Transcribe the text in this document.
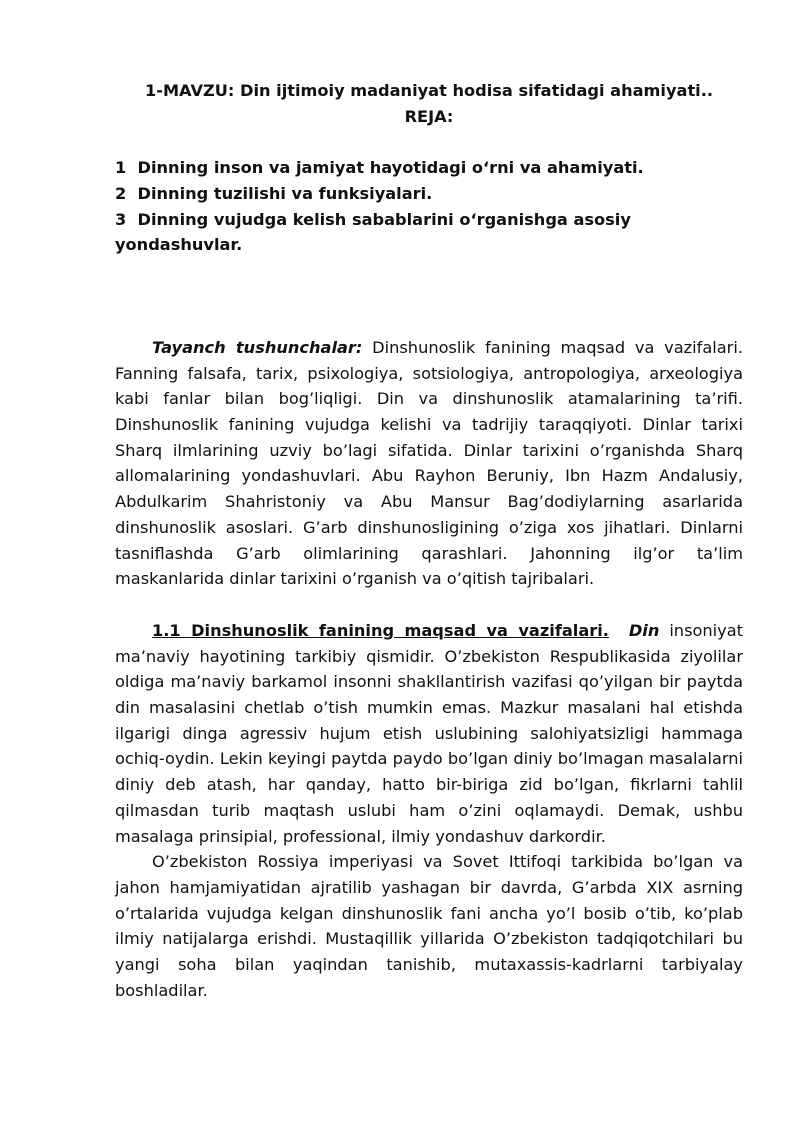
1-MAVZU: Din ijtimoiy madaniyat hodisa sifatidagi ahamiyati..

REJA:

1 Dinning inson va jamiyat hayotidagi o‘rni va ahamiyati.

2 Dinning tuzilishi va funksiyalari.

3 Dinning vujudga kelish sabablarini o‘rganishga asosiy yondashuvlar.

Tayanch tushunchalar: Dinshunoslik fanining maqsad va vazifalari. Fanning falsafa, tarix, psixologiya, sotsiologiya, antropologiya, arxeologiya kabi fanlar bilan bog’liqligi. Din va dinshunoslik atamalarining ta’rifi. Dinshunoslik fanining vujudga kelishi va tadrijiy taraqqiyoti. Dinlar tarixi Sharq ilmlarining uzviy bo’lagi sifatida. Dinlar tarixini o’rganishda Sharq allomalarining yondashuvlari. Abu Rayhon Beruniy, Ibn Hazm Andalusiy, Abdulkarim Shahristoniy va Abu Mansur Bag’dodiylarning asarlarida dinshunoslik asoslari. G’arb dinshunosligining o’ziga xos jihatlari. Dinlarni tasniflashda G’arb olimlarining qarashlari. Jahonning ilg’or ta’lim maskanlarida dinlar tarixini o’rganish va o’qitish tajribalari.

1.1 Dinshunoslik fanining maqsad va vazifalari. Din insoniyat ma’naviy hayotining tarkibiy qismidir. O’zbekiston Respublikasida ziyolilar oldiga ma’naviy barkamol insonni shakllantirish vazifasi qo’yilgan bir paytda din masalasini chetlab o’tish mumkin emas. Mazkur masalani hal etishda ilgarigi dinga agressiv hujum etish uslubining salohiyatsizligi hammaga ochiq-oydin. Lekin keyingi paytda paydo bo’lgan diniy bo’lmagan masalalarni diniy deb atash, har qanday, hatto bir-biriga zid bo’lgan, fikrlarni tahlil qilmasdan turib maqtash uslubi ham o’zini oqlamaydi. Demak, ushbu masalaga prinsipial, professional, ilmiy yondashuv darkordir.

O’zbekiston Rossiya imperiyasi va Sovet Ittifoqi tarkibida bo’lgan va jahon hamjamiyatidan ajratilib yashagan bir davrda, G’arbda XIX asrning o’rtalarida vujudga kelgan dinshunoslik fani ancha yo’l bosib o’tib, ko’plab ilmiy natijalarga erishdi. Mustaqillik yillarida O’zbekiston tadqiqotchilari bu yangi soha bilan yaqindan tanishib, mutaxassis-kadrlarni tarbiyalay boshladilar.
